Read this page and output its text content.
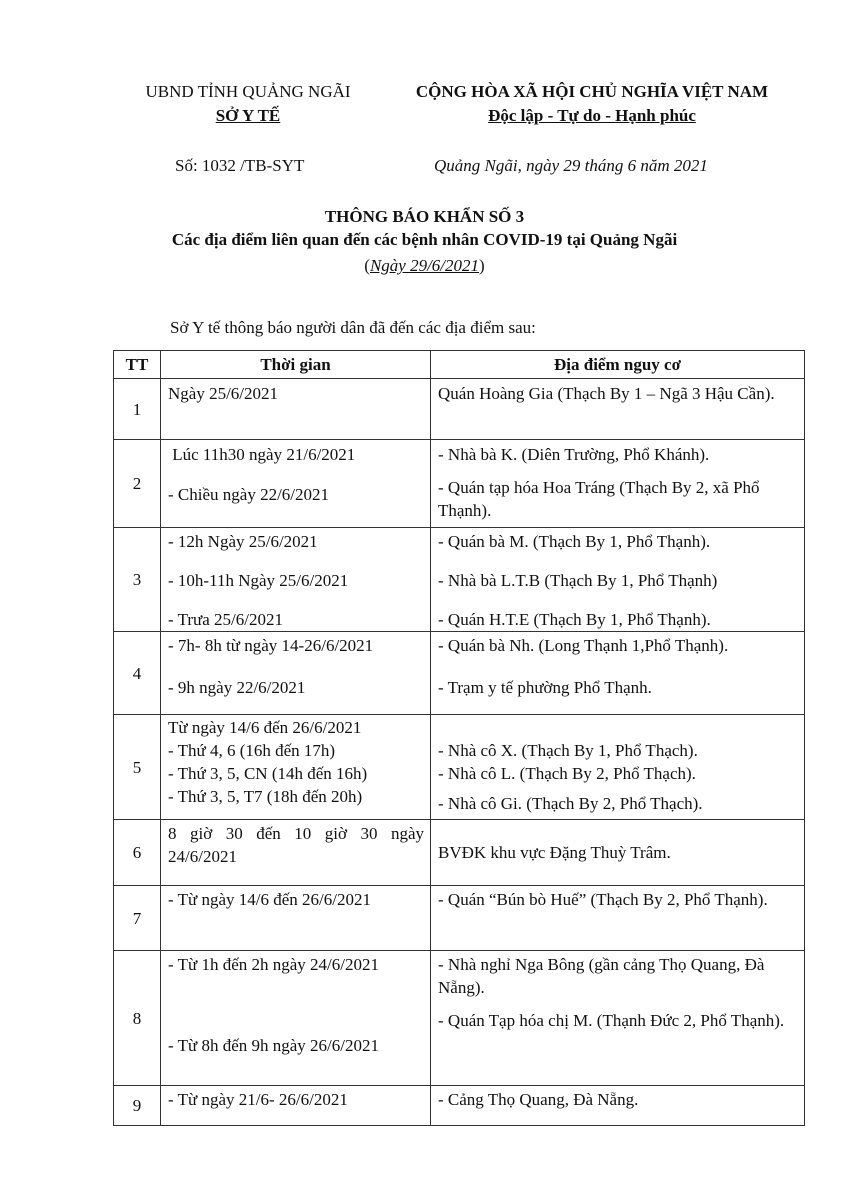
UBND TỈNH QUẢNG NGÃI
SỞ Y TẾ
CỘNG HÒA XÃ HỘI CHỦ NGHĨA VIỆT NAM
Độc lập - Tự do - Hạnh phúc
Số: 1032 /TB-SYT	Quảng Ngãi, ngày 29 tháng 6 năm 2021
THÔNG BÁO KHẨN SỐ 3
Các địa điểm liên quan đến các bệnh nhân COVID-19 tại Quảng Ngãi
(Ngày 29/6/2021)
Sở Y tế thông báo người dân đã đến các địa điểm sau:
TT	Thời gian	Địa điểm nguy cơ
1	Ngày 25/6/2021	Quán Hoàng Gia (Thạch By 1 – Ngã 3 Hậu Cần).

2	Lúc 11h30 ngày 21/6/2021
- Chiều ngày 22/6/2021	- Nhà bà K. (Diên Trường, Phổ Khánh).
- Quán tạp hóa Hoa Tráng (Thạch By 2, xã Phổ Thạnh).

3	- 12h Ngày 25/6/2021
- 10h-11h Ngày 25/6/2021
- Trưa 25/6/2021	- Quán bà M. (Thạch By 1, Phổ Thạnh).
- Nhà bà L.T.B (Thạch By 1, Phổ Thạnh)
- Quán H.T.E (Thạch By 1, Phổ Thạnh).

4	- 7h- 8h từ ngày 14-26/6/2021
- 9h ngày 22/6/2021	- Quán bà Nh. (Long Thạnh 1,Phổ Thạnh).
- Trạm y tế phường Phổ Thạnh.

5	Từ ngày 14/6 đến 26/6/2021
- Thứ 4, 6 (16h đến 17h)
- Thứ 3, 5, CN (14h đến 16h)
- Thứ 3, 5, T7 (18h đến 20h)	- Nhà cô X. (Thạch By 1, Phổ Thạch).
- Nhà cô L. (Thạch By 2, Phổ Thạch).
- Nhà cô Gi. (Thạch By 2, Phổ Thạch).

6	8 giờ 30 đến 10 giờ 30 ngày 24/6/2021	BVĐK khu vực Đặng Thuỳ Trâm.

7	- Từ ngày 14/6 đến 26/6/2021	- Quán “Bún bò Huế” (Thạch By 2, Phổ Thạnh).

8	- Từ 1h đến 2h ngày 24/6/2021
- Từ 8h đến 9h ngày 26/6/2021	- Nhà nghỉ Nga Bông (gần cảng Thọ Quang, Đà Nẵng).
- Quán Tạp hóa chị M. (Thạnh Đức 2, Phổ Thạnh).

9	- Từ ngày 21/6- 26/6/2021	- Cảng Thọ Quang, Đà Nẵng.
